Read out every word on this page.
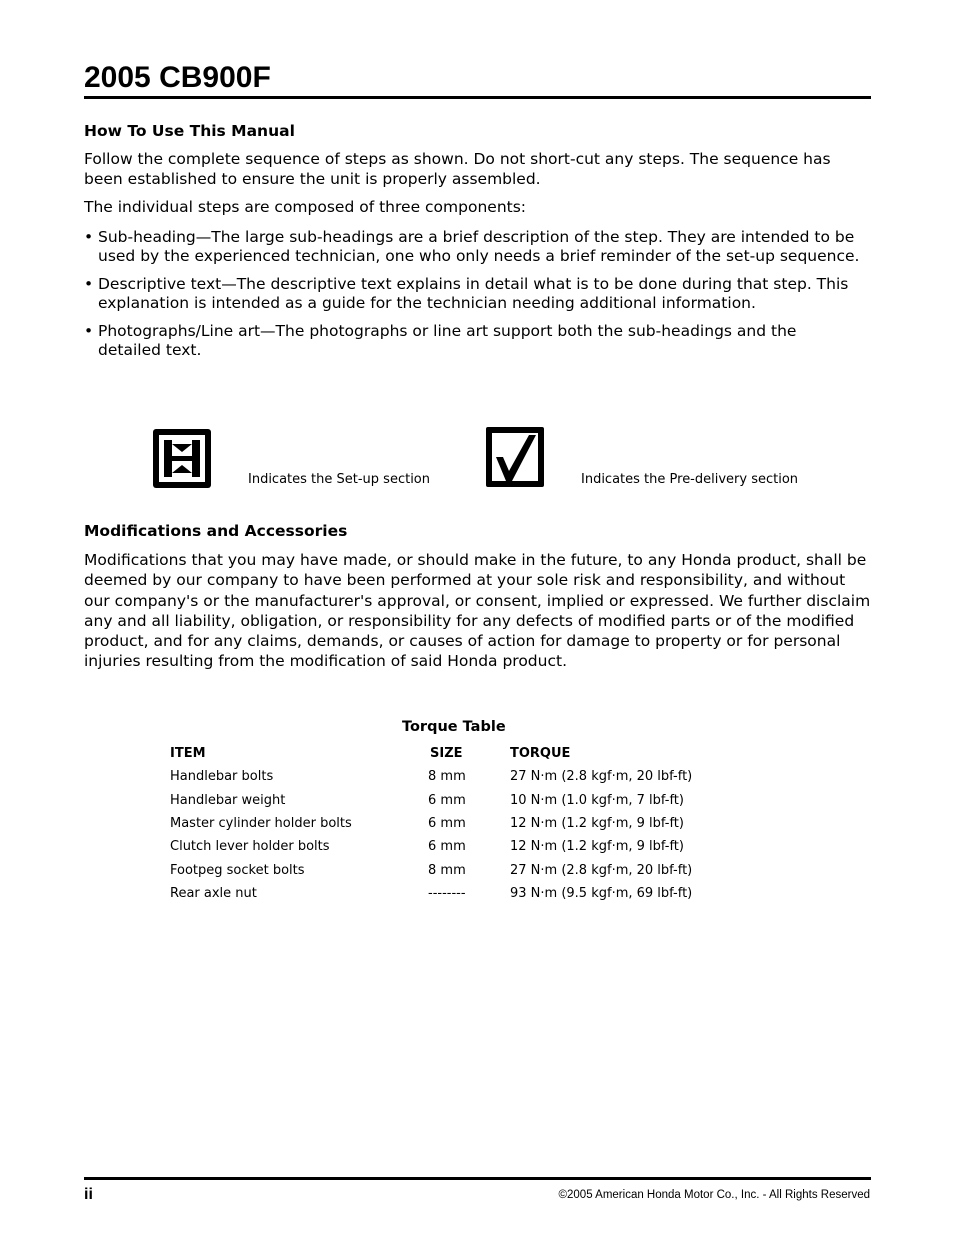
2005 CB900F
How To Use This Manual

Follow the complete sequence of steps as shown. Do not short-cut any steps. The sequence has been established to ensure the unit is properly assembled.

The individual steps are composed of three components:

• Sub-heading—The large sub-headings are a brief description of the step. They are intended to be used by the experienced technician, one who only needs a brief reminder of the set-up sequence.
• Descriptive text—The descriptive text explains in detail what is to be done during that step. This explanation is intended as a guide for the technician needing additional information.
• Photographs/Line art—The photographs or line art support both the sub-headings and the detailed text.
Indicates the Set-up section	Indicates the Pre-delivery section
Modifications and Accessories

Modifications that you may have made, or should make in the future, to any Honda product, shall be deemed by our company to have been performed at your sole risk and responsibility, and without our company's or the manufacturer's approval, or consent, implied or expressed. We further disclaim any and all liability, obligation, or responsibility for any defects of modified parts or of the modified product, and for any claims, demands, or causes of action for damage to property or for personal injuries resulting from the modification of said Honda product.

Torque Table
ITEM	SIZE	TORQUE
Handlebar bolts	8 mm	27 N·m (2.8 kgf·m, 20 lbf-ft)
Handlebar weight	6 mm	10 N·m (1.0 kgf·m, 7 lbf-ft)
Master cylinder holder bolts	6 mm	12 N·m (1.2 kgf·m, 9 lbf-ft)
Clutch lever holder bolts	6 mm	12 N·m (1.2 kgf·m, 9 lbf-ft)
Footpeg socket bolts	8 mm	27 N·m (2.8 kgf·m, 20 lbf-ft)
Rear axle nut	--------	93 N·m (9.5 kgf·m, 69 lbf-ft)
ii	©2005 American Honda Motor Co., Inc. - All Rights Reserved
